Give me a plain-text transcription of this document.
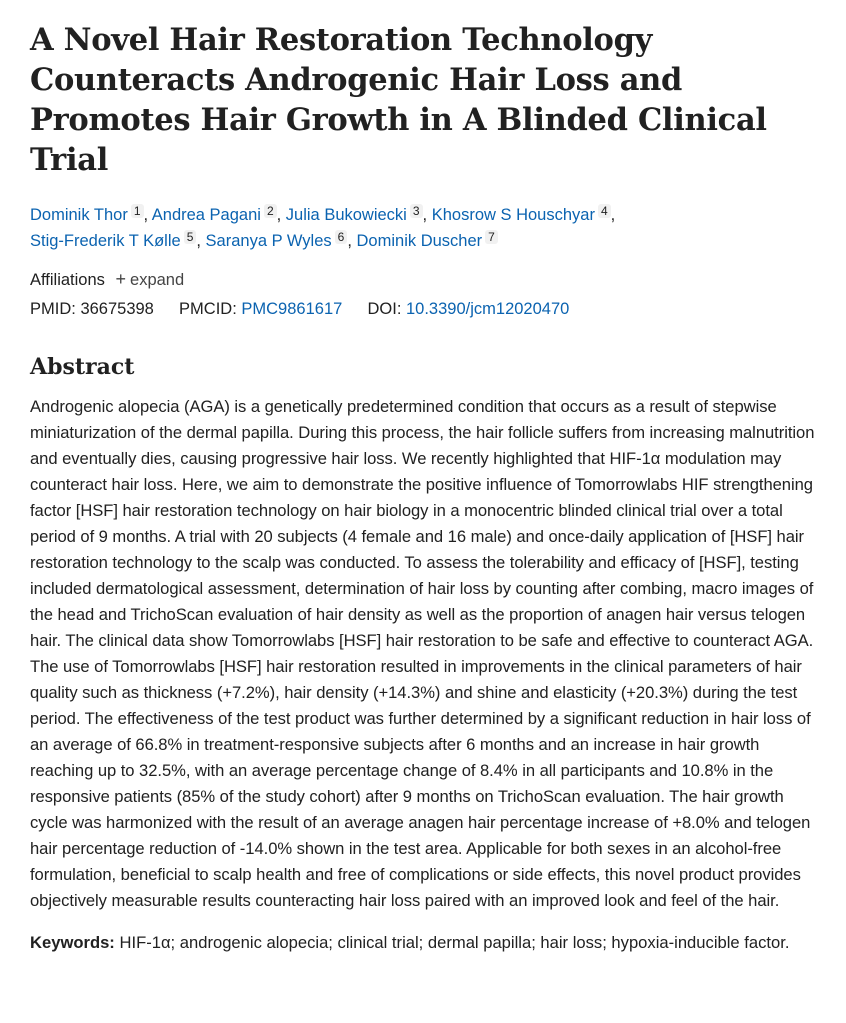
A Novel Hair Restoration Technology Counteracts Androgenic Hair Loss and Promotes Hair Growth in A Blinded Clinical Trial
Dominik Thor 1 , Andrea Pagani 2 , Julia Bukowiecki 3 , Khosrow S Houschyar 4 ,
Stig-Frederik T Kølle 5 , Saranya P Wyles 6 , Dominik Duscher 7
Affiliations + expand
PMID: 36675398 PMCID: PMC9861617 DOI: 10.3390/jcm12020470
Abstract
Androgenic alopecia (AGA) is a genetically predetermined condition that occurs as a result of stepwise miniaturization of the dermal papilla. During this process, the hair follicle suffers from increasing malnutrition and eventually dies, causing progressive hair loss. We recently highlighted that HIF-1α modulation may counteract hair loss. Here, we aim to demonstrate the positive influence of Tomorrowlabs HIF strengthening factor [HSF] hair restoration technology on hair biology in a monocentric blinded clinical trial over a total period of 9 months. A trial with 20 subjects (4 female and 16 male) and once-daily application of [HSF] hair restoration technology to the scalp was conducted. To assess the tolerability and efficacy of [HSF], testing included dermatological assessment, determination of hair loss by counting after combing, macro images of the head and TrichoScan evaluation of hair density as well as the proportion of anagen hair versus telogen hair. The clinical data show Tomorrowlabs [HSF] hair restoration to be safe and effective to counteract AGA. The use of Tomorrowlabs [HSF] hair restoration resulted in improvements in the clinical parameters of hair quality such as thickness (+7.2%), hair density (+14.3%) and shine and elasticity (+20.3%) during the test period. The effectiveness of the test product was further determined by a significant reduction in hair loss of an average of 66.8% in treatment-responsive subjects after 6 months and an increase in hair growth reaching up to 32.5%, with an average percentage change of 8.4% in all participants and 10.8% in the responsive patients (85% of the study cohort) after 9 months on TrichoScan evaluation. The hair growth cycle was harmonized with the result of an average anagen hair percentage increase of +8.0% and telogen hair percentage reduction of -14.0% shown in the test area. Applicable for both sexes in an alcohol-free formulation, beneficial to scalp health and free of complications or side effects, this novel product provides objectively measurable results counteracting hair loss paired with an improved look and feel of the hair.
Keywords: HIF-1α; androgenic alopecia; clinical trial; dermal papilla; hair loss; hypoxia-inducible factor.
